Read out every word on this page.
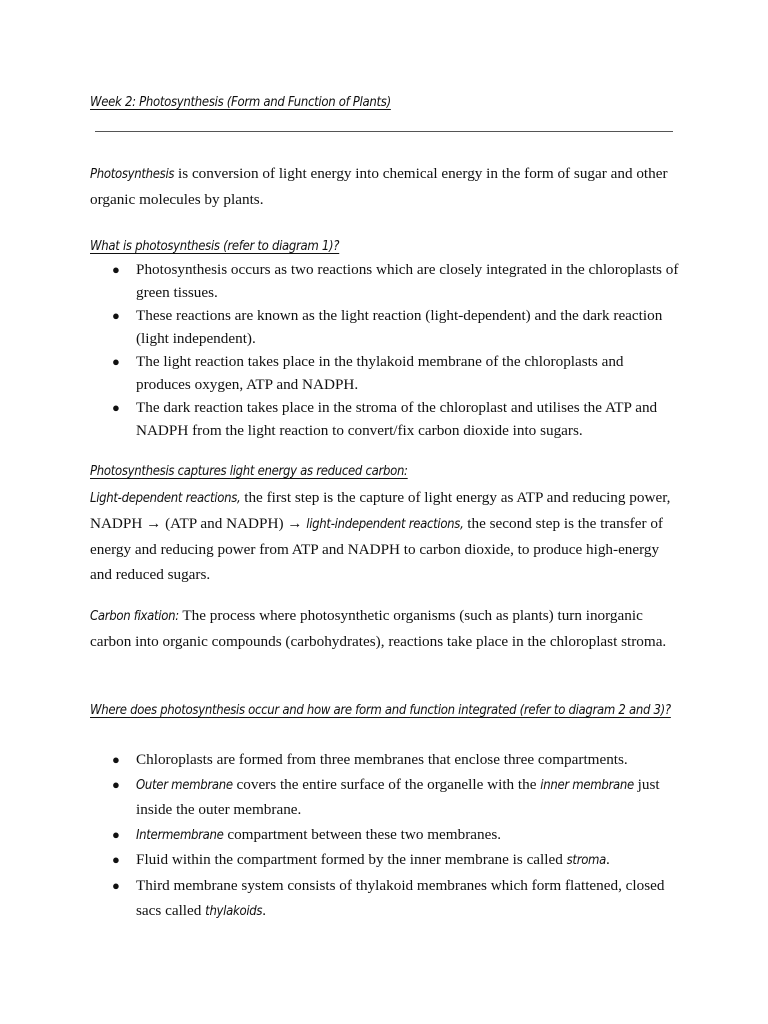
Week 2: Photosynthesis (Form and Function of Plants)
Photosynthesis is conversion of light energy into chemical energy in the form of sugar and other organic molecules by plants.
What is photosynthesis (refer to diagram 1)?
● Photosynthesis occurs as two reactions which are closely integrated in the chloroplasts of green tissues.
● These reactions are known as the light reaction (light-dependent) and the dark reaction (light independent).
● The light reaction takes place in the thylakoid membrane of the chloroplasts and produces oxygen, ATP and NADPH.
● The dark reaction takes place in the stroma of the chloroplast and utilises the ATP and NADPH from the light reaction to convert/fix carbon dioxide into sugars.
Photosynthesis captures light energy as reduced carbon:
Light-dependent reactions, the first step is the capture of light energy as ATP and reducing power, NADPH → (ATP and NADPH) → light-independent reactions, the second step is the transfer of energy and reducing power from ATP and NADPH to carbon dioxide, to produce high-energy and reduced sugars.
Carbon fixation: The process where photosynthetic organisms (such as plants) turn inorganic carbon into organic compounds (carbohydrates), reactions take place in the chloroplast stroma.
Where does photosynthesis occur and how are form and function integrated (refer to diagram 2 and 3)?
● Chloroplasts are formed from three membranes that enclose three compartments.
● Outer membrane covers the entire surface of the organelle with the inner membrane just inside the outer membrane.
● Intermembrane compartment between these two membranes.
● Fluid within the compartment formed by the inner membrane is called stroma.
● Third membrane system consists of thylakoid membranes which form flattened, closed sacs called thylakoids.
